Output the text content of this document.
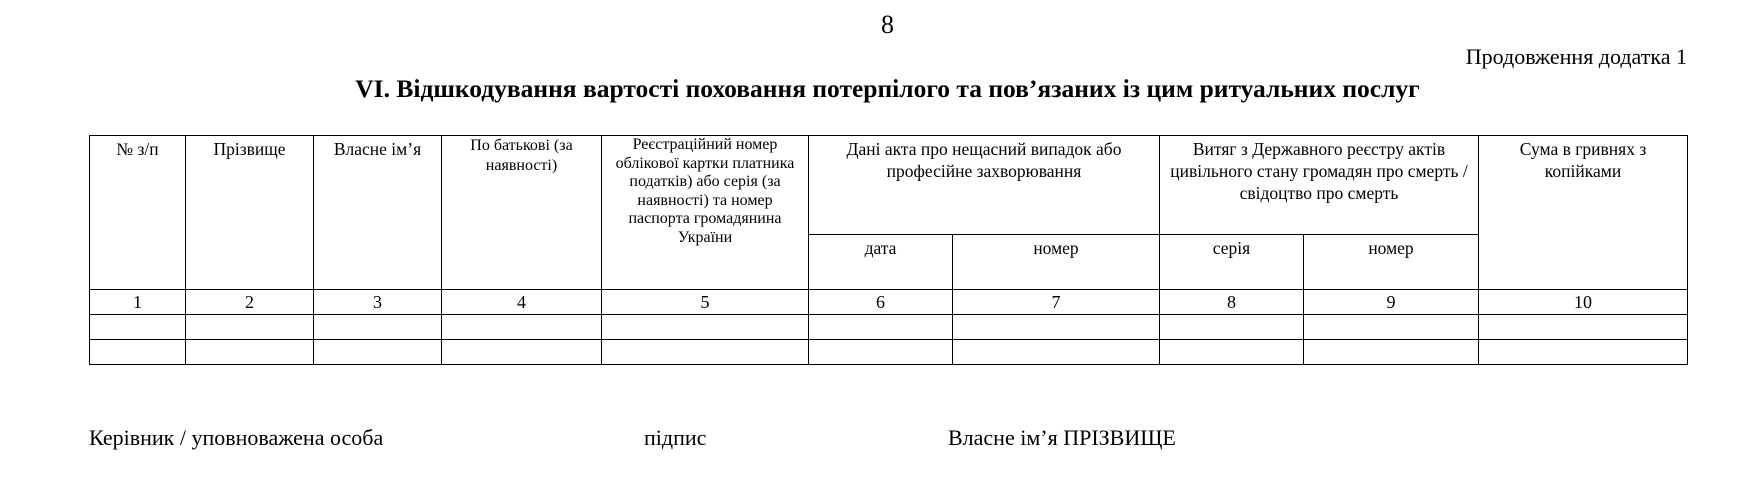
8
Продовження додатка 1
VI. Відшкодування вартості поховання потерпілого та пов’язаних із цим ритуальних послуг
№ з/п	Прізвище	Власне ім’я	По батькові (за наявності)	Реєстраційний номер облікової картки платника податків) або серія (за наявності) та номер паспорта громадянина України	Дані акта про нещасний випадок або професійне захворювання		Витяг з Державного реєстру актів цивільного стану громадян про смерть / свідоцтво про смерть		Сума в гривнях з копійками
					дата	номер	серія	номер	
1	2	3	4	5	6	7	8	9	10

Керівник / уповноважена особа	підпис	Власне ім’я ПРІЗВИЩЕ
